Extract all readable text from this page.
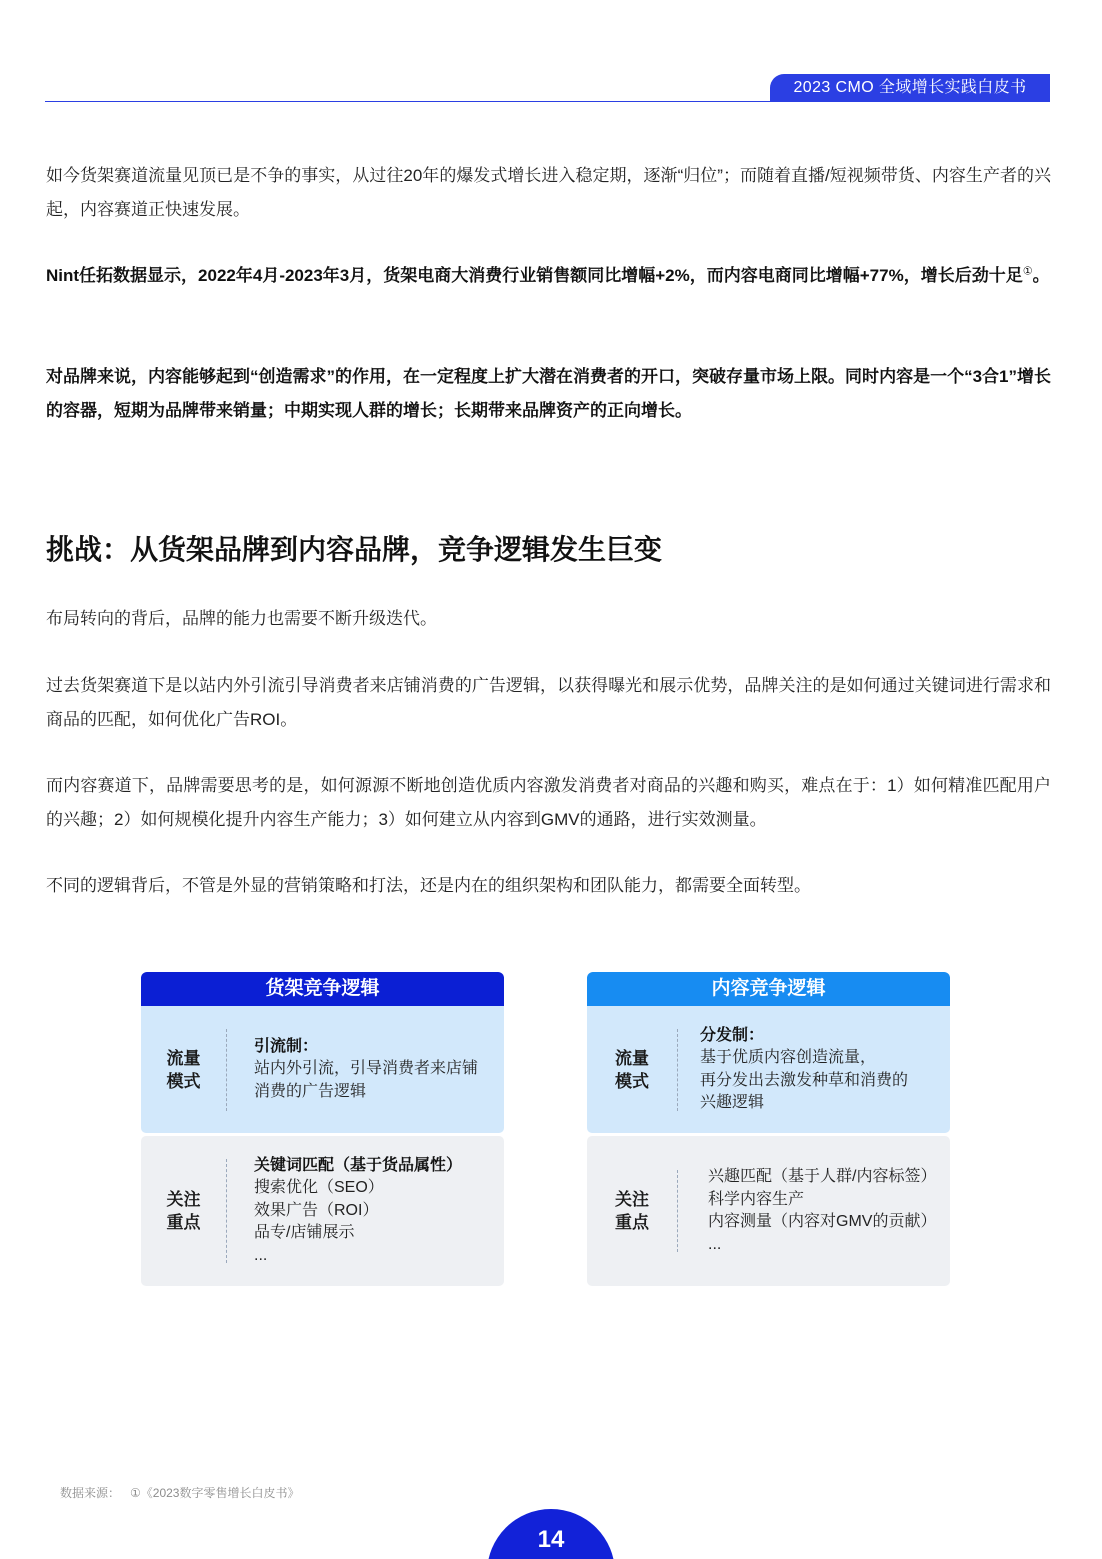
2023 CMO 全域增长实践白皮书
如今货架赛道流量见顶已是不争的事实，从过往20年的爆发式增长进入稳定期，逐渐“归位”；而随着直播/短视频带货、内容生产者的兴起，内容赛道正快速发展。
Nint任拓数据显示，2022年4月-2023年3月，货架电商大消费行业销售额同比增幅+2%，而内容电商同比增幅+77%，增长后劲十足①。
对品牌来说，内容能够起到“创造需求”的作用，在一定程度上扩大潜在消费者的开口，突破存量市场上限。同时内容是一个“3合1”增长的容器，短期为品牌带来销量；中期实现人群的增长；长期带来品牌资产的正向增长。
挑战：从货架品牌到内容品牌，竞争逻辑发生巨变
布局转向的背后，品牌的能力也需要不断升级迭代。
过去货架赛道下是以站内外引流引导消费者来店铺消费的广告逻辑，以获得曝光和展示优势，品牌关注的是如何通过关键词进行需求和商品的匹配，如何优化广告ROI。
而内容赛道下，品牌需要思考的是，如何源源不断地创造优质内容激发消费者对商品的兴趣和购买，难点在于：1）如何精准匹配用户的兴趣；2）如何规模化提升内容生产能力；3）如何建立从内容到GMV的通路，进行实效测量。
不同的逻辑背后，不管是外显的营销策略和打法，还是内在的组织架构和团队能力，都需要全面转型。
货架竞争逻辑
流量
模式
引流制：
站内外引流，引导消费者来店铺
消费的广告逻辑
关注
重点
关键词匹配（基于货品属性）
搜索优化（SEO）
效果广告（ROI）
品专/店铺展示
...
内容竞争逻辑
流量
模式
分发制：
基于优质内容创造流量，
再分发出去激发种草和消费的
兴趣逻辑
关注
重点
兴趣匹配（基于人群/内容标签）
科学内容生产
内容测量（内容对GMV的贡献）
...
数据来源： ①《2023数字零售增长白皮书》
14
